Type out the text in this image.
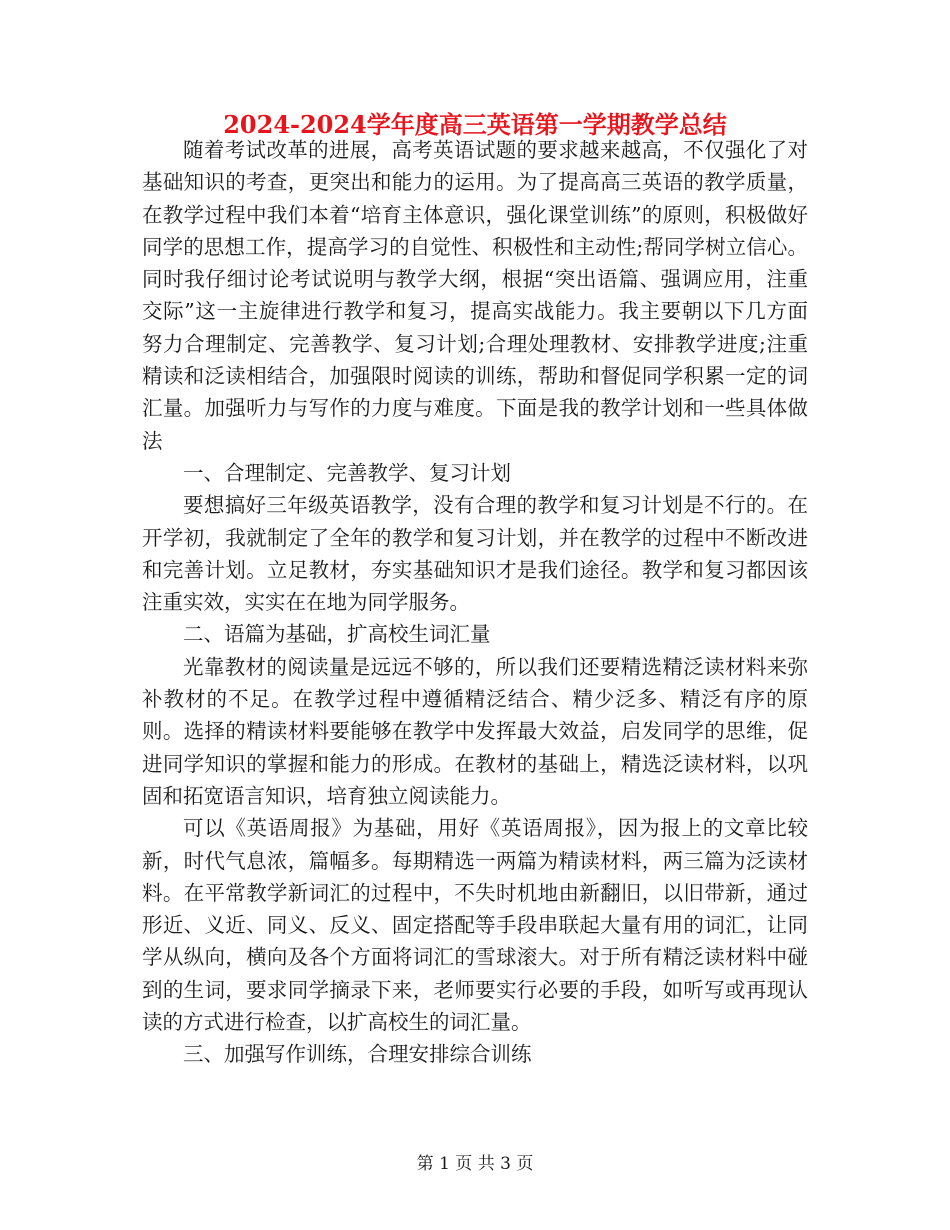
2024-2024学年度高三英语第一学期教学总结

随着考试改革的进展，高考英语试题的要求越来越高，不仅强化了对基础知识的考查，更突出和能力的运用。为了提高高三英语的教学质量，在教学过程中我们本着“培育主体意识，强化课堂训练”的原则，积极做好同学的思想工作，提高学习的自觉性、积极性和主动性;帮同学树立信心。同时我仔细讨论考试说明与教学大纲，根据“突出语篇、强调应用，注重交际”这一主旋律进行教学和复习，提高实战能力。我主要朝以下几方面努力合理制定、完善教学、复习计划;合理处理教材、安排教学进度;注重精读和泛读相结合，加强限时阅读的训练，帮助和督促同学积累一定的词汇量。加强听力与写作的力度与难度。下面是我的教学计划和一些具体做法

一、合理制定、完善教学、复习计划

要想搞好三年级英语教学，没有合理的教学和复习计划是不行的。在开学初，我就制定了全年的教学和复习计划，并在教学的过程中不断改进和完善计划。立足教材，夯实基础知识才是我们途径。教学和复习都因该注重实效，实实在在地为同学服务。

二、语篇为基础，扩高校生词汇量

光靠教材的阅读量是远远不够的，所以我们还要精选精泛读材料来弥补教材的不足。在教学过程中遵循精泛结合、精少泛多、精泛有序的原则。选择的精读材料要能够在教学中发挥最大效益，启发同学的思维，促进同学知识的掌握和能力的形成。在教材的基础上，精选泛读材料，以巩固和拓宽语言知识，培育独立阅读能力。

可以《英语周报》为基础，用好《英语周报》，因为报上的文章比较新，时代气息浓，篇幅多。每期精选一两篇为精读材料，两三篇为泛读材料。在平常教学新词汇的过程中，不失时机地由新翻旧，以旧带新，通过形近、义近、同义、反义、固定搭配等手段串联起大量有用的词汇，让同学从纵向，横向及各个方面将词汇的雪球滚大。对于所有精泛读材料中碰到的生词，要求同学摘录下来，老师要实行必要的手段，如听写或再现认读的方式进行检查，以扩高校生的词汇量。

三、加强写作训练，合理安排综合训练

第 1 页 共 3 页
